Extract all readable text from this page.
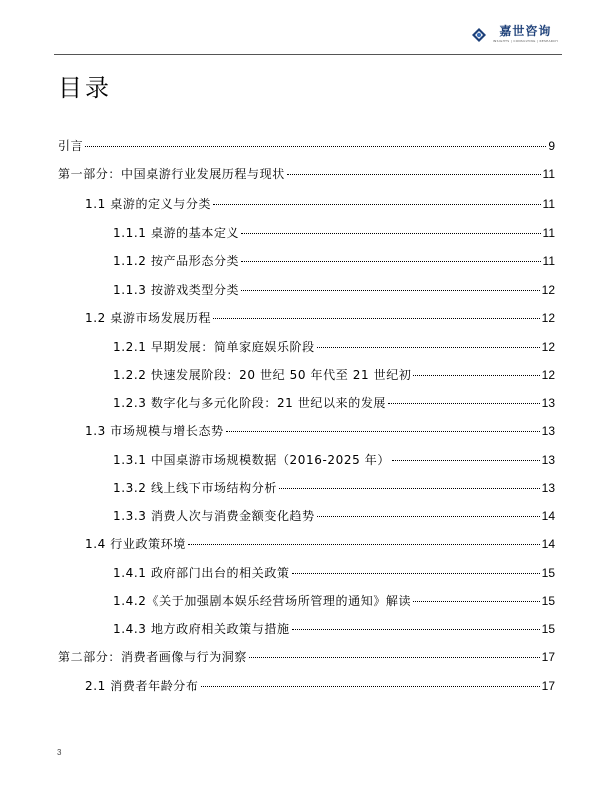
嘉世咨询
INSIGHTS | CONSULTING | RESEARCH
目录
引言	9
第一部分：中国桌游行业发展历程与现状	11
1.1 桌游的定义与分类	11
1.1.1 桌游的基本定义	11
1.1.2 按产品形态分类	11
1.1.3 按游戏类型分类	12
1.2 桌游市场发展历程	12
1.2.1 早期发展：简单家庭娱乐阶段	12
1.2.2 快速发展阶段：20 世纪 50 年代至 21 世纪初	12
1.2.3 数字化与多元化阶段：21 世纪以来的发展	13
1.3 市场规模与增长态势	13
1.3.1 中国桌游市场规模数据（2016-2025 年）	13
1.3.2 线上线下市场结构分析	13
1.3.3 消费人次与消费金额变化趋势	14
1.4 行业政策环境	14
1.4.1 政府部门出台的相关政策	15
1.4.2《关于加强剧本娱乐经营场所管理的通知》解读	15
1.4.3 地方政府相关政策与措施	15
第二部分：消费者画像与行为洞察	17
2.1 消费者年龄分布	17
3
